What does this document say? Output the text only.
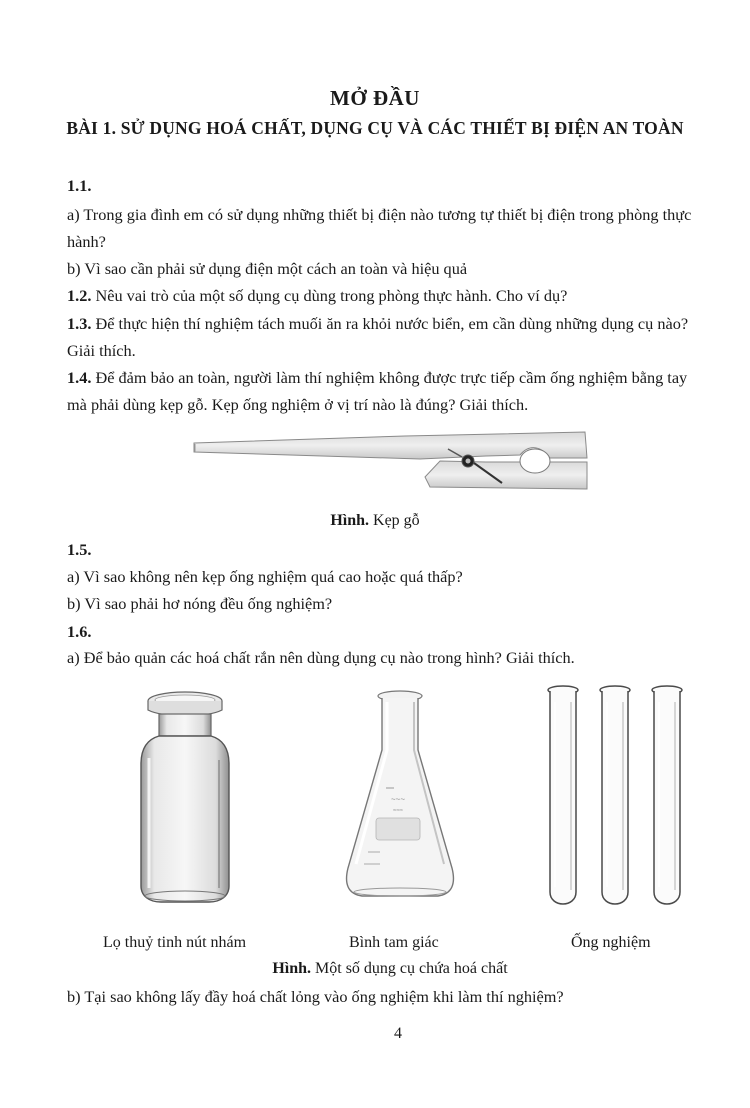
MỞ ĐẦU
BÀI 1. SỬ DỤNG HOÁ CHẤT, DỤNG CỤ VÀ CÁC THIẾT BỊ ĐIỆN AN TOÀN
1.1.
a) Trong gia đình em có sử dụng những thiết bị điện nào tương tự thiết bị điện trong phòng thực
hành?
b) Vì sao cần phải sử dụng điện một cách an toàn và hiệu quả
1.2. Nêu vai trò của một số dụng cụ dùng trong phòng thực hành. Cho ví dụ?
1.3. Để thực hiện thí nghiệm tách muối ăn ra khỏi nước biển, em cần dùng những dụng cụ nào?
Giải thích.
1.4. Để đảm bảo an toàn, người làm thí nghiệm không được trực tiếp cầm ống nghiệm bằng tay
mà phải dùng kẹp gỗ. Kẹp ống nghiệm ở vị trí nào là đúng? Giải thích.
Hình. Kẹp gỗ
1.5.
a) Vì sao không nên kẹp ống nghiệm quá cao hoặc quá thấp?
b) Vì sao phải hơ nóng đều ống nghiệm?
1.6.
a) Để bảo quản các hoá chất rắn nên dùng dụng cụ nào trong hình? Giải thích.
~~~
≈≈≈
Lọ thuỷ tinh nút nhám	Bình tam giác	Ống nghiệm
Hình. Một số dụng cụ chứa hoá chất
b) Tại sao không lấy đầy hoá chất lỏng vào ống nghiệm khi làm thí nghiệm?
4
